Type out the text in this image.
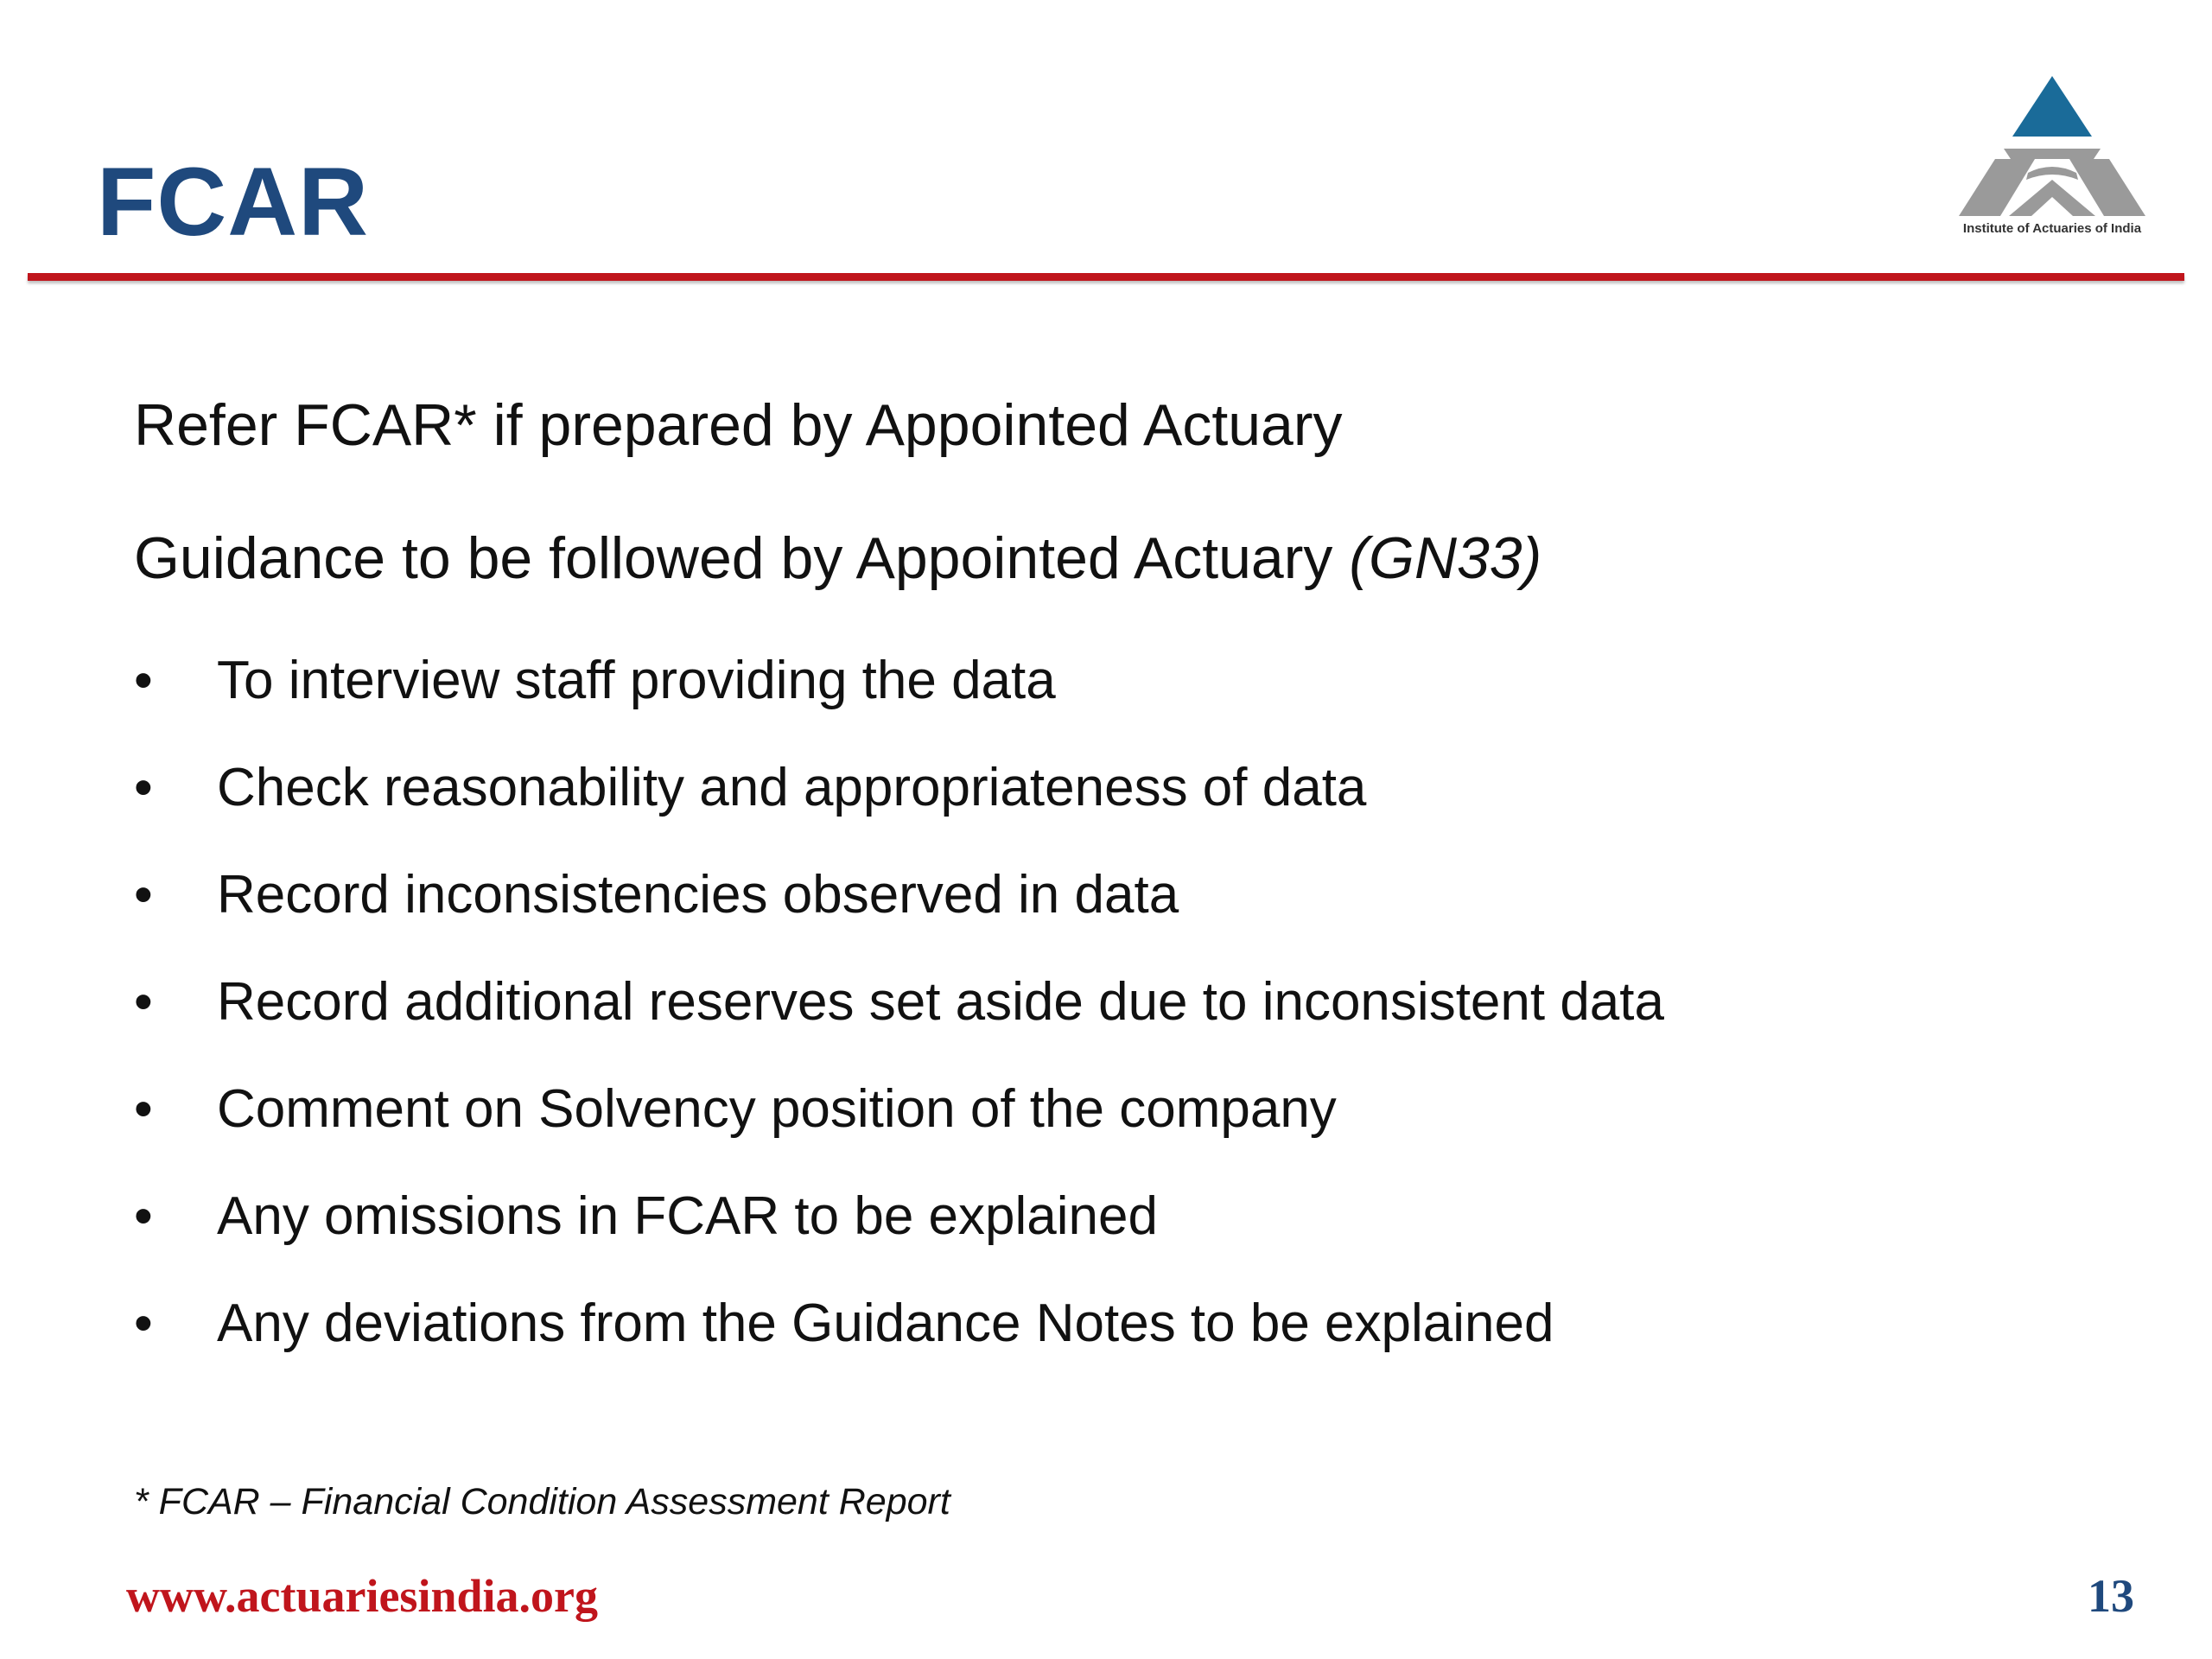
FCAR	Institute of Actuaries of India
Refer FCAR* if prepared by Appointed Actuary
Guidance to be followed by Appointed Actuary (GN33)
• To interview staff providing the data
• Check reasonability and appropriateness of data
• Record inconsistencies observed in data
• Record additional reserves set aside due to inconsistent data
• Comment on Solvency position of the company
• Any omissions in FCAR to be explained
• Any deviations from the Guidance Notes to be explained
* FCAR – Financial Condition Assessment Report
www.actuariesindia.org	13
